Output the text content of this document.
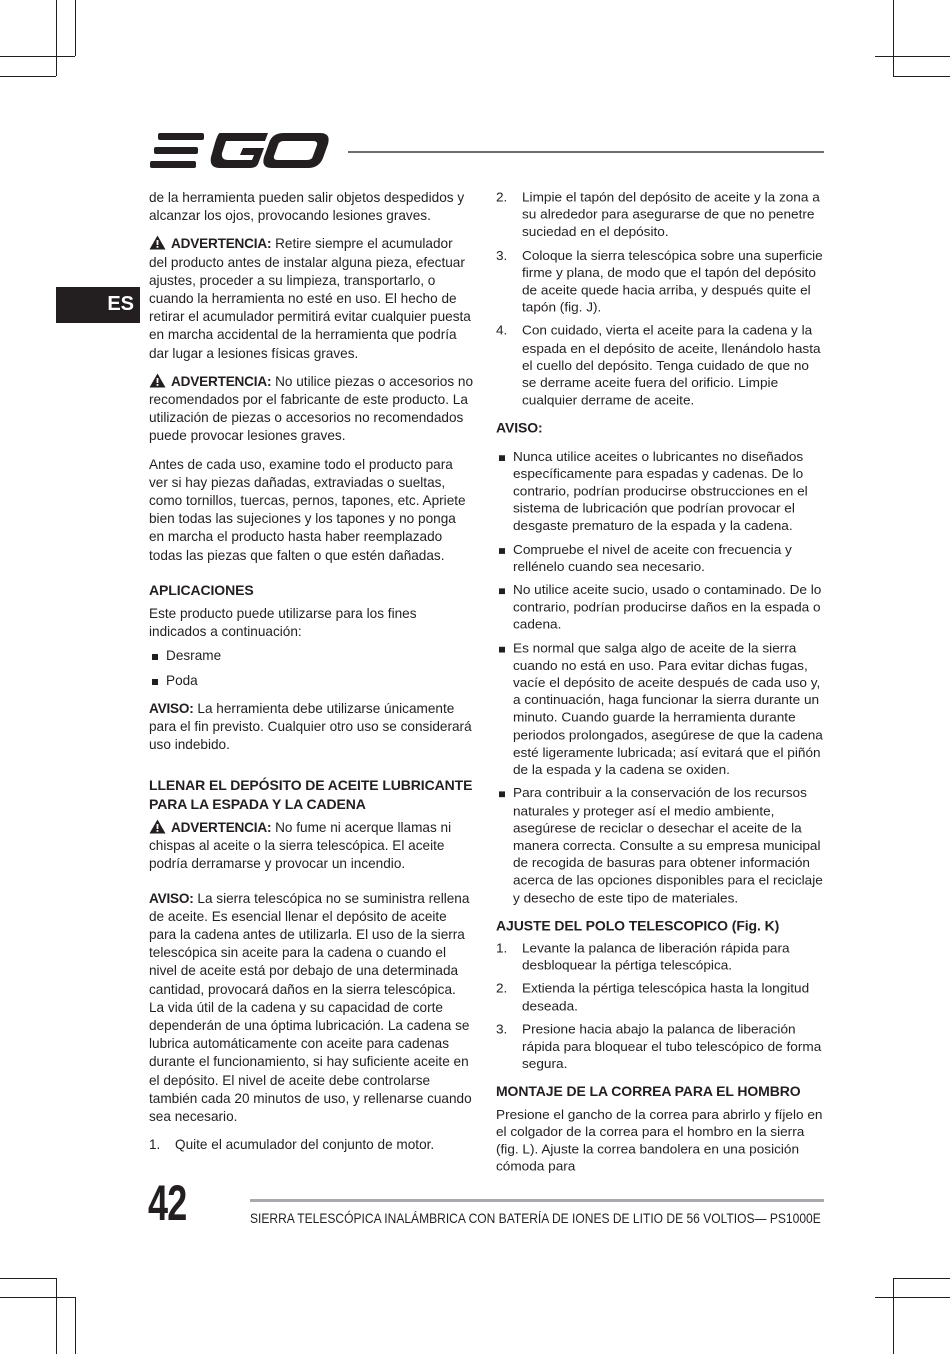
ES

de la herramienta pueden salir objetos despedidos y alcanzar los ojos, provocando lesiones graves.

ADVERTENCIA: Retire siempre el acumulador del producto antes de instalar alguna pieza, efectuar ajustes, proceder a su limpieza, transportarlo, o cuando la herramienta no esté en uso. El hecho de retirar el acumulador permitirá evitar cualquier puesta en marcha accidental de la herramienta que podría dar lugar a lesiones físicas graves.

ADVERTENCIA: No utilice piezas o accesorios no recomendados por el fabricante de este producto. La utilización de piezas o accesorios no recomendados puede provocar lesiones graves.

Antes de cada uso, examine todo el producto para ver si hay piezas dañadas, extraviadas o sueltas, como tornillos, tuercas, pernos, tapones, etc. Apriete bien todas las sujeciones y los tapones y no ponga en marcha el producto hasta haber reemplazado todas las piezas que falten o que estén dañadas.

APLICACIONES

Este producto puede utilizarse para los fines indicados a continuación:

Desrame
Poda

AVISO: La herramienta debe utilizarse únicamente para el fin previsto. Cualquier otro uso se considerará uso indebido.

LLENAR EL DEPÓSITO DE ACEITE LUBRICANTE PARA LA ESPADA Y LA CADENA

ADVERTENCIA: No fume ni acerque llamas ni chispas al aceite o la sierra telescópica. El aceite podría derramarse y provocar un incendio.

AVISO: La sierra telescópica no se suministra rellena de aceite. Es esencial llenar el depósito de aceite para la cadena antes de utilizarla. El uso de la sierra telescópica sin aceite para la cadena o cuando el nivel de aceite está por debajo de una determinada cantidad, provocará daños en la sierra telescópica. La vida útil de la cadena y su capacidad de corte dependerán de una óptima lubricación. La cadena se lubrica automáticamente con aceite para cadenas durante el funcionamiento, si hay suficiente aceite en el depósito. El nivel de aceite debe controlarse también cada 20 minutos de uso, y rellenarse cuando sea necesario.

1. Quite el acumulador del conjunto de motor.
2. Limpie el tapón del depósito de aceite y la zona a su alrededor para asegurarse de que no penetre suciedad en el depósito.
3. Coloque la sierra telescópica sobre una superficie firme y plana, de modo que el tapón del depósito de aceite quede hacia arriba, y después quite el tapón (fig. J).
4. Con cuidado, vierta el aceite para la cadena y la espada en el depósito de aceite, llenándolo hasta el cuello del depósito. Tenga cuidado de que no se derrame aceite fuera del orificio. Limpie cualquier derrame de aceite.
AVISO:
Nunca utilice aceites o lubricantes no diseñados específicamente para espadas y cadenas. De lo contrario, podrían producirse obstrucciones en el sistema de lubricación que podrían provocar el desgaste prematuro de la espada y la cadena.
Compruebe el nivel de aceite con frecuencia y rellénelo cuando sea necesario.
No utilice aceite sucio, usado o contaminado. De lo contrario, podrían producirse daños en la espada o cadena.
Es normal que salga algo de aceite de la sierra cuando no está en uso. Para evitar dichas fugas, vacíe el depósito de aceite después de cada uso y, a continuación, haga funcionar la sierra durante un minuto. Cuando guarde la herramienta durante periodos prolongados, asegúrese de que la cadena esté ligeramente lubricada; así evitará que el piñón de la espada y la cadena se oxiden.
Para contribuir a la conservación de los recursos naturales y proteger así el medio ambiente, asegúrese de reciclar o desechar el aceite de la manera correcta. Consulte a su empresa municipal de recogida de basuras para obtener información acerca de las opciones disponibles para el reciclaje y desecho de este tipo de materiales.
AJUSTE DEL POLO TELESCOPICO (Fig. K)
1. Levante la palanca de liberación rápida para desbloquear la pértiga telescópica.
2. Extienda la pértiga telescópica hasta la longitud deseada.
3. Presione hacia abajo la palanca de liberación rápida para bloquear el tubo telescópico de forma segura.
MONTAJE DE LA CORREA PARA EL HOMBRO

Presione el gancho de la correa para abrirlo y fíjelo en el colgador de la correa para el hombro en la sierra (fig. L). Ajuste la correa bandolera en una posición cómoda para

42	SIERRA TELESCÓPICA INALÁMBRICA CON BATERÍA DE IONES DE LITIO DE 56 VOLTIOS— PS1000E
